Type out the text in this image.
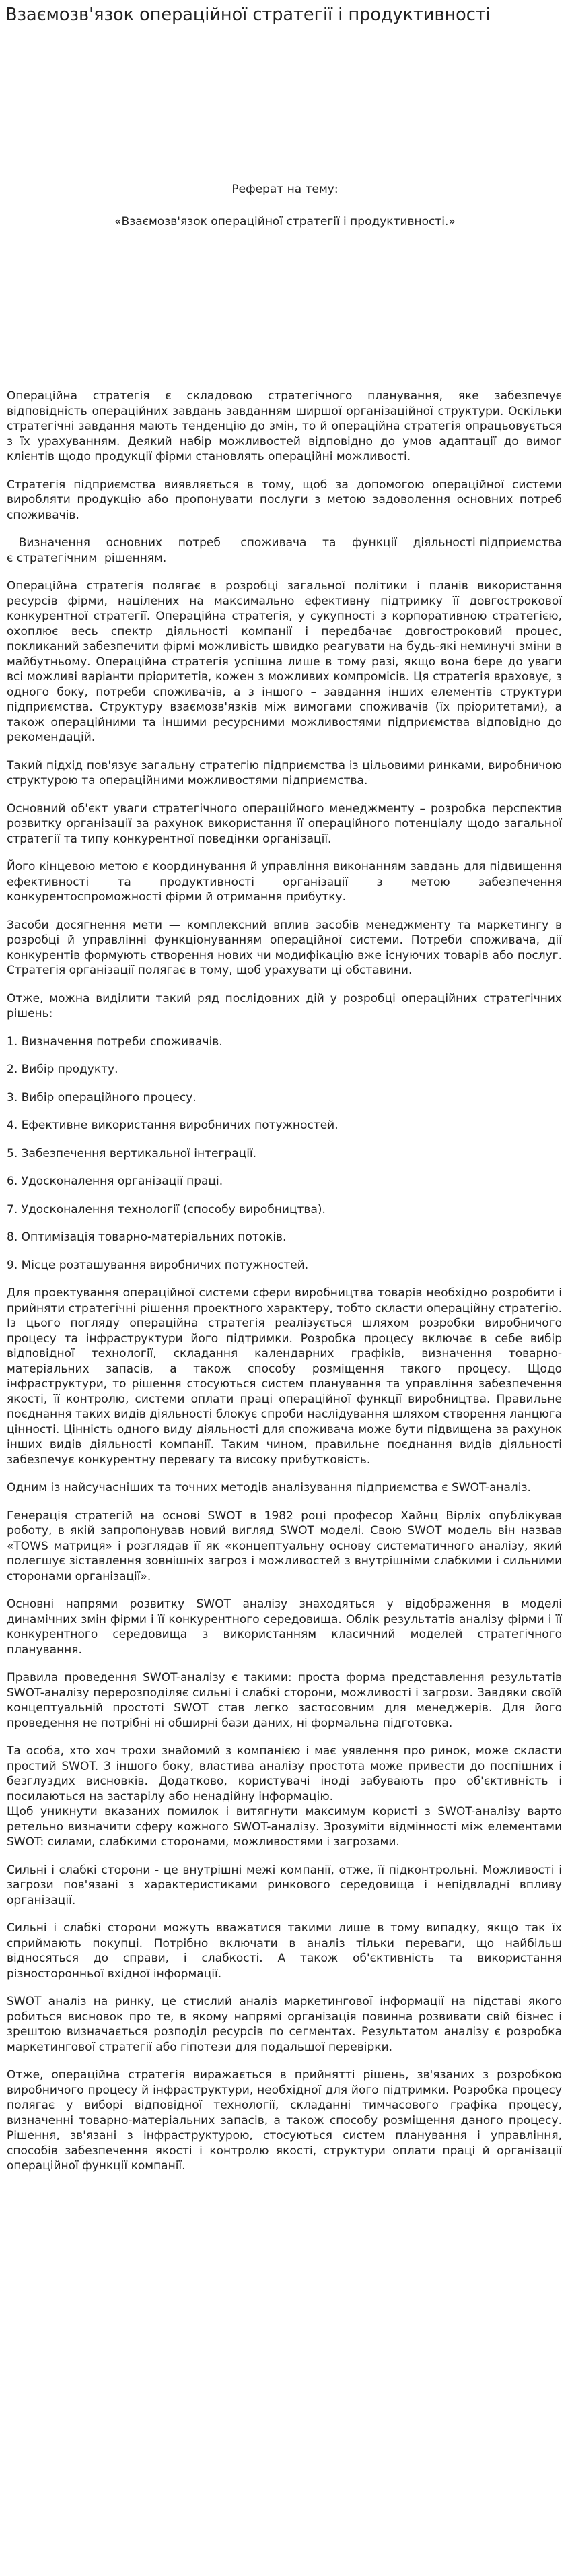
Взаємозв'язок операційної стратегії і продуктивності
Реферат на тему:
«Взаємозв'язок операційної стратегії і продуктивності.»

Операційна стратегія є складовою стратегічного планування, яке забезпечує відповідність операційних завдань завданням ширшої організаційної структури. Оскільки стратегічні завдання мають тенденцію до змін, то й операційна стратегія опрацьовується з їх урахуванням. Деякий набір можливостей відповідно до умов адаптації до вимог клієнтів щодо продукції фірми становлять операційні можливості.

Стратегія підприємства виявляється в тому, щоб за допомогою операційної системи виробляти продукцію або пропонувати послуги з метою задоволення основних потреб споживачів.

Визначення    основних    потреб     споживача    та    функції    діяльності підприємства є стратегічним  рішенням.

Операційна стратегія полягає в розробці загальної політики і планів використання ресурсів фірми, націлених на максимально ефективну підтримку її довгострокової конкурентної стратегії. Операційна стратегія, у сукупності з корпоративною стратегією, охоплює весь спектр діяльності компанії і передбачає довгостроковий процес, покликаний забезпечити фірмі можливість швидко реагувати на будь-які неминучі зміни в майбутньому. Операційна стратегія успішна лише в тому разі, якщо вона бере до уваги всі можливі варіанти пріоритетів, кожен з можливих компромісів. Ця стратегія враховує, з одного боку, потреби споживачів, а з іншого – завдання інших елементів структури підприємства. Структуру взаємозв'язків між вимогами споживачів (їх пріоритетами), а також операційними та іншими ресурсними можливостями підприємства відповідно до рекомендацій.

Такий підхід пов'язує загальну стратегію підприємства із цільовими ринками, виробничою структурою та операційними можливостями підприємства.

Основний об'єкт уваги стратегічного операційного менеджменту – розробка перспектив розвитку організації за рахунок використання її операційного потенціалу щодо загальної стратегії та типу конкурентної поведінки організації.

Його кінцевою метою є координування й управління виконанням завдань для підвищення ефективності та продуктивності організації з метою забезпечення конкурентоспроможності фірми й отримання прибутку.

Засоби досягнення мети — комплексний вплив засобів менеджменту та маркетингу в розробці й управлінні функціонуванням операційної системи. Потреби споживача, дії конкурентів формують створення нових чи модифікацію вже існуючих товарів або послуг. Стратегія організації полягає в тому, щоб урахувати ці обставини.

Отже, можна виділити такий ряд послідовних дій у розробці операційних стратегічних рішень:

1. Визначення потреби споживачів.

2. Вибір продукту.

3. Вибір операційного процесу.

4. Ефективне використання виробничих потужностей.

5. Забезпечення вертикальної інтеграції.

6. Удосконалення організації праці.

7. Удосконалення технології (способу виробництва).

8. Оптимізація товарно-матеріальних потоків.

9. Місце розташування виробничих потужностей.

Для проектування операційної системи сфери виробництва товарів необхідно розробити і прийняти стратегічні рішення проектного характеру, тобто скласти операційну стратегію. Із цього погляду операційна стратегія реалізується шляхом розробки виробничого процесу та інфраструктури його підтримки. Розробка процесу включає в себе вибір відповідної технології, складання календарних графіків, визначення товарно-матеріальних запасів, а також способу розміщення такого процесу. Щодо інфраструктури, то рішення стосуються систем планування та управління забезпечення якості, її контролю, системи оплати праці операційної функції виробництва. Правильне поєднання таких видів діяльності блокує спроби наслідування шляхом створення ланцюга цінності. Цінність одного виду діяльності для споживача може бути підвищена за рахунок інших видів діяльності компанії. Таким чином, правильне поєднання видів діяльності забезпечує конкурентну перевагу та високу прибутковість.

Одним із найсучасніших та точних методів аналізування підприємства є SWOT-аналіз.

Генерація стратегій на основі SWOT в 1982 році професор Хайнц Вірліх опублікував роботу, в якій запропонував новий вигляд SWOT моделі. Свою SWOT модель він назвав «TOWS матриця» і розглядав її як «концептуальну основу систематичного аналізу, який полегшує зіставлення зовнішніх загроз і можливостей з внутрішніми слабкими і сильними сторонами організації».

Основні напрями розвитку SWOT аналізу знаходяться у відображення в моделі динамічних змін фірми і її конкурентного середовища. Облік результатів аналізу фірми і її конкурентного середовища з використанням класичний моделей стратегічного планування.

Правила проведення SWOT-аналізу є такими: проста форма представлення результатів SWOT-аналізу перерозподіляє сильні і слабкі сторони, можливості і загрози. Завдяки своїй концептуальній простоті SWOT став легко застосовним для менеджерів. Для його проведення не потрібні ні обширні бази даних, ні формальна підготовка.

Та особа, хто хоч трохи знайомий з компанією і має уявлення про ринок, може скласти простий SWOT. З іншого боку, властива аналізу простота може привести до поспішних і безглуздих висновків. Додатково, користувачі іноді забувають про об'єктивність і посилаються на застарілу або ненадійну інформацію.

Щоб уникнути вказаних помилок і витягнути максимум користі з SWOT-аналізу варто ретельно визначити сферу кожного SWOT-аналізу. Зрозуміти відмінності між елементами SWOT: силами, слабкими сторонами, можливостями і загрозами.

Сильні і слабкі сторони - це внутрішні межі компанії, отже, її підконтрольні. Можливості і загрози пов'язані з характеристиками ринкового середовища і непідвладні впливу організації.

Сильні і слабкі сторони можуть вважатися такими лише в тому випадку, якщо так їх сприймають покупці. Потрібно включати в аналіз тільки переваги, що найбільш відносяться до справи, і слабкості. А також об'єктивність та використання різносторонньої вхідної інформації.

SWOT аналіз на ринку, це стислий аналіз маркетингової інформації на підставі якого робиться висновок про те, в якому напрямі організація повинна розвивати свій бізнес і зрештою визначається розподіл ресурсів по сегментах. Результатом аналізу є розробка маркетингової стратегії або гіпотези для подальшої перевірки.

Отже, операційна стратегія виражається в прийнятті рішень, зв'язаних з розробкою виробничого процесу й інфраструктури, необхідної для його підтримки. Розробка процесу полягає у виборі відповідної технології, складанні тимчасового графіка процесу, визначенні товарно-матеріальних запасів, а також способу розміщення даного процесу. Рішення, зв'язані з інфраструктурою, стосуються систем планування і управління, способів забезпечення якості і контролю якості, структури оплати праці й організації операційної функції компанії.
